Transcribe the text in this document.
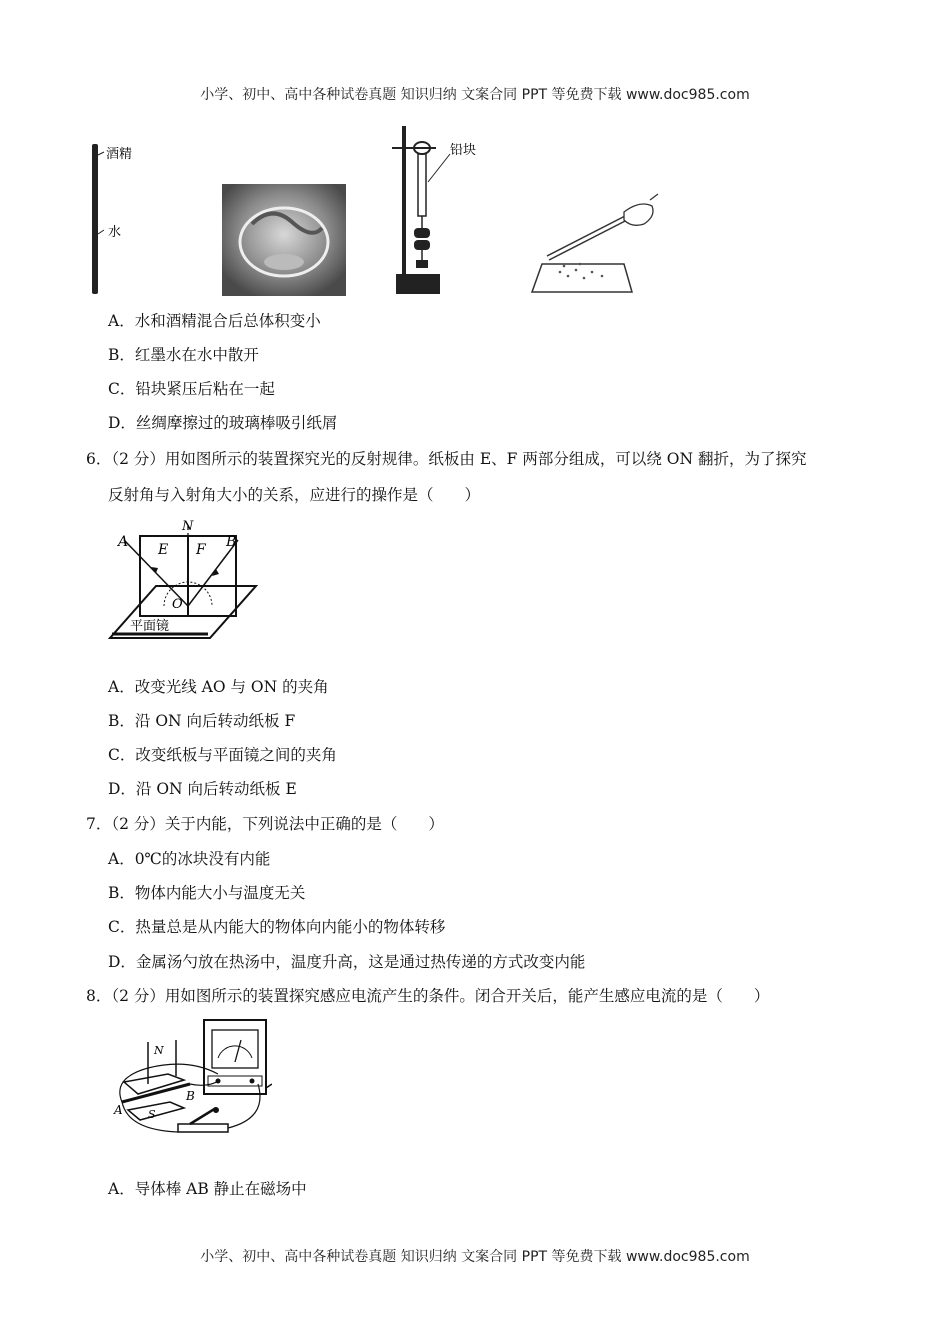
小学、初中、高中各种试卷真题 知识归纳 文案合同 PPT 等免费下载 www.doc985.com
酒精
水
铅块
A．水和酒精混合后总体积变小
B．红墨水在水中散开
C．铅块紧压后粘在一起
D．丝绸摩擦过的玻璃棒吸引纸屑
6．（2 分）用如图所示的装置探究光的反射规律。纸板由 E、F 两部分组成，可以绕 ON 翻折，为了探究
反射角与入射角大小的关系，应进行的操作是（　　）
A	B
N
E F
O
平面镜
A．改变光线 AO 与 ON 的夹角
B．沿 ON 向后转动纸板 F
C．改变纸板与平面镜之间的夹角
D．沿 ON 向后转动纸板 E
7．（2 分）关于内能，下列说法中正确的是（　　）
A．0℃的冰块没有内能
B．物体内能大小与温度无关
C．热量总是从内能大的物体向内能小的物体转移
D．金属汤勺放在热汤中，温度升高，这是通过热传递的方式改变内能
8．（2 分）用如图所示的装置探究感应电流产生的条件。闭合开关后，能产生感应电流的是（　　）
N
S
A
B
A．导体棒 AB 静止在磁场中
小学、初中、高中各种试卷真题 知识归纳 文案合同 PPT 等免费下载 www.doc985.com
